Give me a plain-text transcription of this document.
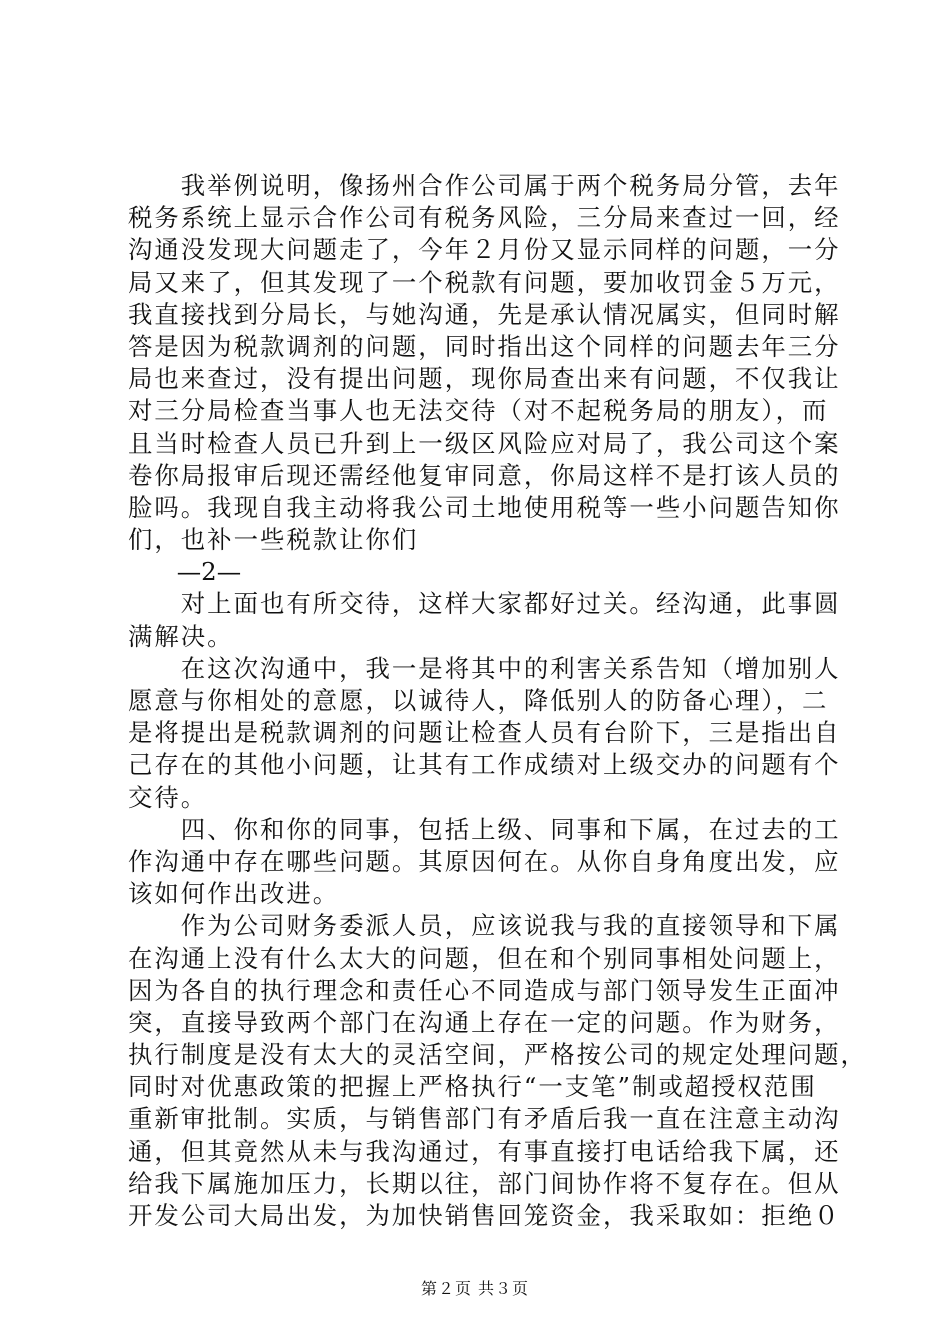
　　我举例说明，像扬州合作公司属于两个税务局分管，去年
税务系统上显示合作公司有税务风险，三分局来查过一回，经
沟通没发现大问题走了，今年２月份又显示同样的问题，一分
局又来了，但其发现了一个税款有问题，要加收罚金５万元，
我直接找到分局长，与她沟通，先是承认情况属实，但同时解
答是因为税款调剂的问题，同时指出这个同样的问题去年三分
局也来查过，没有提出问题，现你局查出来有问题，不仅我让
对三分局检查当事人也无法交待（对不起税务局的朋友），而
且当时检查人员已升到上一级区风险应对局了，我公司这个案
卷你局报审后现还需经他复审同意，你局这样不是打该人员的
脸吗。我现自我主动将我公司土地使用税等一些小问题告知你
们，也补一些税款让你们
　　—2—
　　对上面也有所交待，这样大家都好过关。经沟通，此事圆
满解决。
　　在这次沟通中，我一是将其中的利害关系告知（增加别人
愿意与你相处的意愿，以诚待人，降低别人的防备心理），二
是将提出是税款调剂的问题让检查人员有台阶下，三是指出自
己存在的其他小问题，让其有工作成绩对上级交办的问题有个
交待。
　　四、你和你的同事，包括上级、同事和下属，在过去的工
作沟通中存在哪些问题。其原因何在。从你自身角度出发，应
该如何作出改进。
　　作为公司财务委派人员，应该说我与我的直接领导和下属
在沟通上没有什么太大的问题，但在和个别同事相处问题上，
因为各自的执行理念和责任心不同造成与部门领导发生正面冲
突，直接导致两个部门在沟通上存在一定的问题。作为财务，
执行制度是没有太大的灵活空间，严格按公司的规定处理问题，
同时对优惠政策的把握上严格执行“一支笔”制或超授权范围
重新审批制。实质，与销售部门有矛盾后我一直在注意主动沟
通，但其竟然从未与我沟通过，有事直接打电话给我下属，还
给我下属施加压力，长期以往，部门间协作将不复存在。但从
开发公司大局出发，为加快销售回笼资金，我采取如：拒绝０
第２页 共３页
